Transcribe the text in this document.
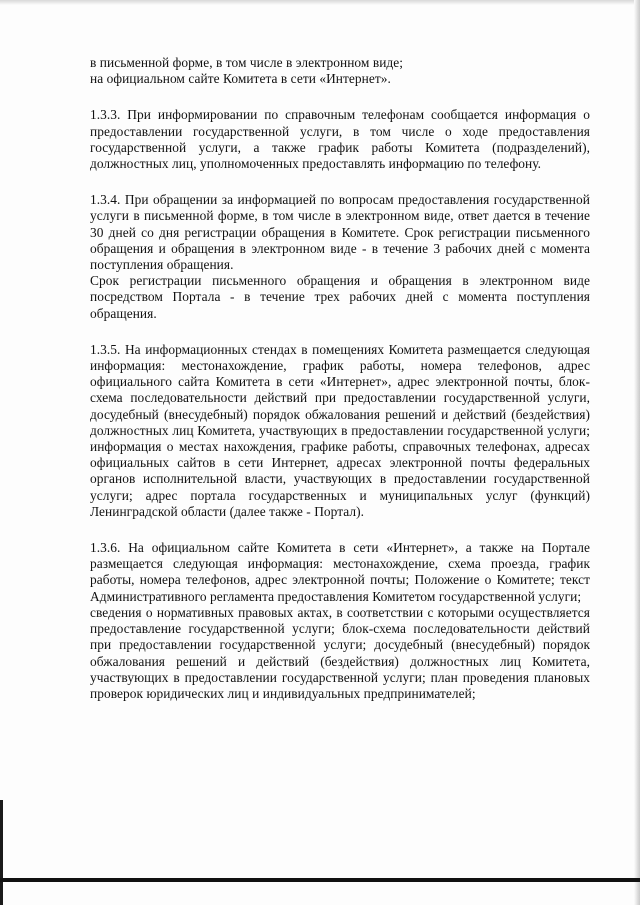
в письменной форме, в том числе в электронном виде;

на официальном сайте Комитета в сети «Интернет».

1.3.3. При информировании по справочным телефонам сообщается информация о предоставлении государственной услуги, в том числе о ходе предоставления государственной услуги, а также график работы Комитета (подразделений), должностных лиц, уполномоченных предоставлять информацию по телефону.

1.3.4. При обращении за информацией по вопросам предоставления государственной услуги в письменной форме, в том числе в электронном виде, ответ дается в течение 30 дней со дня регистрации обращения в Комитете. Срок регистрации письменного обращения и обращения в электронном виде - в течение 3 рабочих дней с момента поступления обращения.

Срок регистрации письменного обращения и обращения в электронном виде посредством Портала - в течение трех рабочих дней с момента поступления обращения.

1.3.5. На информационных стендах в помещениях Комитета размещается следующая информация: местонахождение, график работы, номера телефонов, адрес официального сайта Комитета в сети «Интернет», адрес электронной почты, блок-схема последовательности действий при предоставлении государственной услуги, досудебный (внесудебный) порядок обжалования решений и действий (бездействия) должностных лиц Комитета, участвующих в предоставлении государственной услуги; информация о местах нахождения, графике работы, справочных телефонах, адресах официальных сайтов в сети Интернет, адресах электронной почты федеральных органов исполнительной власти, участвующих в предоставлении государственной услуги; адрес портала государственных и муниципальных услуг (функций) Ленинградской области (далее также - Портал).

1.3.6. На официальном сайте Комитета в сети «Интернет», а также на Портале размещается следующая информация: местонахождение, схема проезда, график работы, номера телефонов, адрес электронной почты; Положение о Комитете; текст Административного регламента предоставления Комитетом государственной услуги;

сведения о нормативных правовых актах, в соответствии с которыми осуществляется предоставление государственной услуги; блок-схема последовательности действий при предоставлении государственной услуги; досудебный (внесудебный) порядок обжалования решений и действий (бездействия) должностных лиц Комитета, участвующих в предоставлении государственной услуги; план проведения плановых проверок юридических лиц и индивидуальных предпринимателей;
